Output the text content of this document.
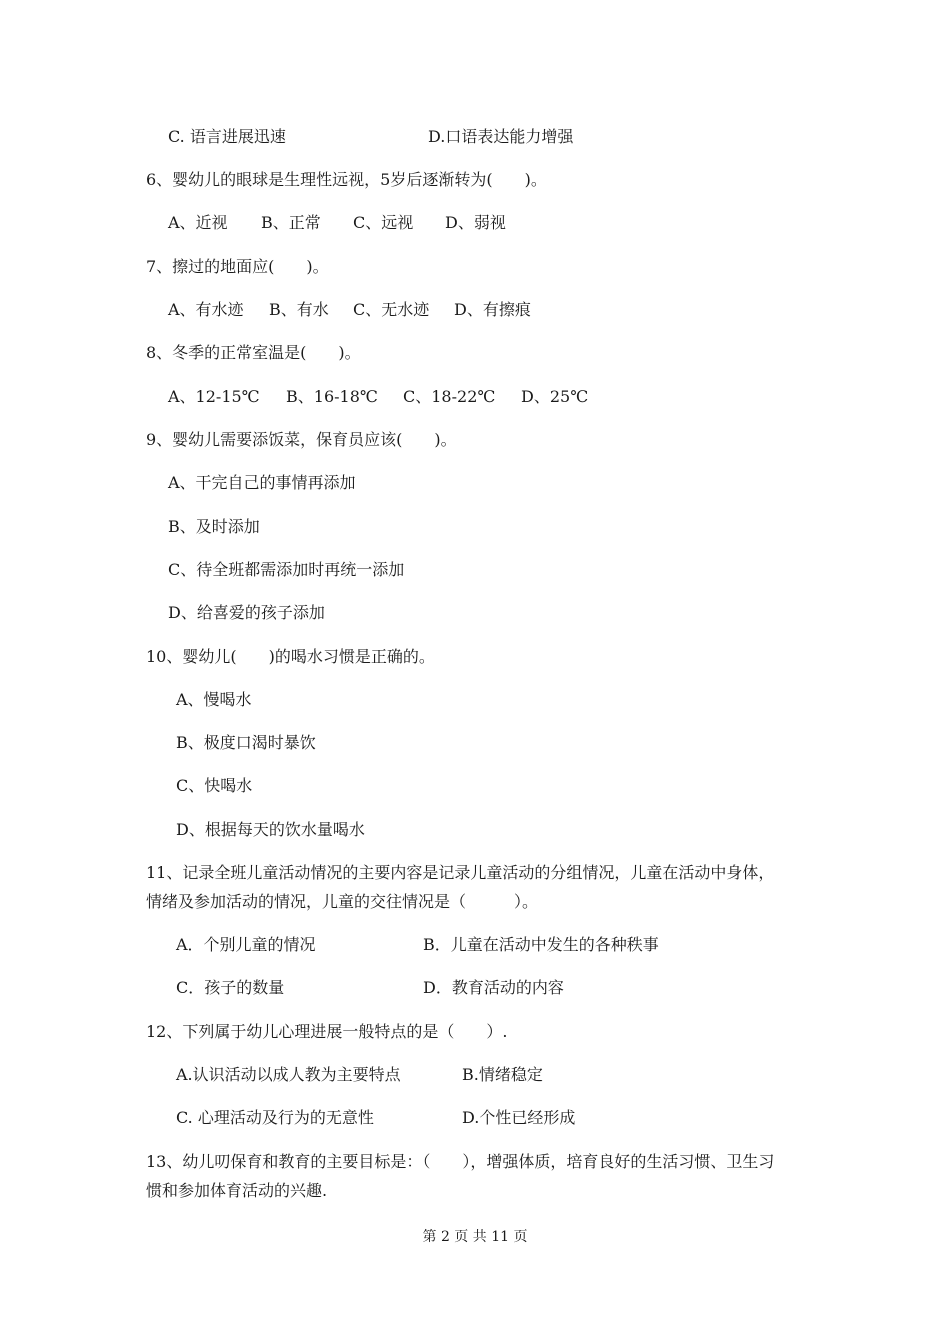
C. 语言进展迅速	D.口语表达能力增强
6、婴幼儿的眼球是生理性远视，5岁后逐渐转为(　　)。
A、近视 B、正常 C、远视 D、弱视
7、擦过的地面应(　　)。
A、有水迹 B、有水 C、无水迹 D、有擦痕
8、冬季的正常室温是(　　)。
A、12-15℃ B、16-18℃ C、18-22℃ D、25℃
9、婴幼儿需要添饭菜，保育员应该(　　)。
A、干完自己的事情再添加
B、及时添加
C、待全班都需添加时再统一添加
D、给喜爱的孩子添加
10、婴幼儿(　　)的喝水习惯是正确的。
A、慢喝水
B、极度口渴时暴饮
C、快喝水
D、根据每天的饮水量喝水
11、记录全班儿童活动情况的主要内容是记录儿童活动的分组情况，儿童在活动中身体，
情绪及参加活动的情况，儿童的交往情况是（　　　）。
A．个别儿童的情况	B．儿童在活动中发生的各种秩事
C．孩子的数量	D．教育活动的内容
12、下列属于幼儿心理进展一般特点的是（　　）.
A.认识活动以成人教为主要特点	B.情绪稳定
C. 心理活动及行为的无意性	D.个性已经形成
13、幼儿叨保育和教育的主要目标是：（　　），增强体质，培育良好的生活习惯、卫生习
惯和参加体育活动的兴趣.
第 2 页 共 11 页
